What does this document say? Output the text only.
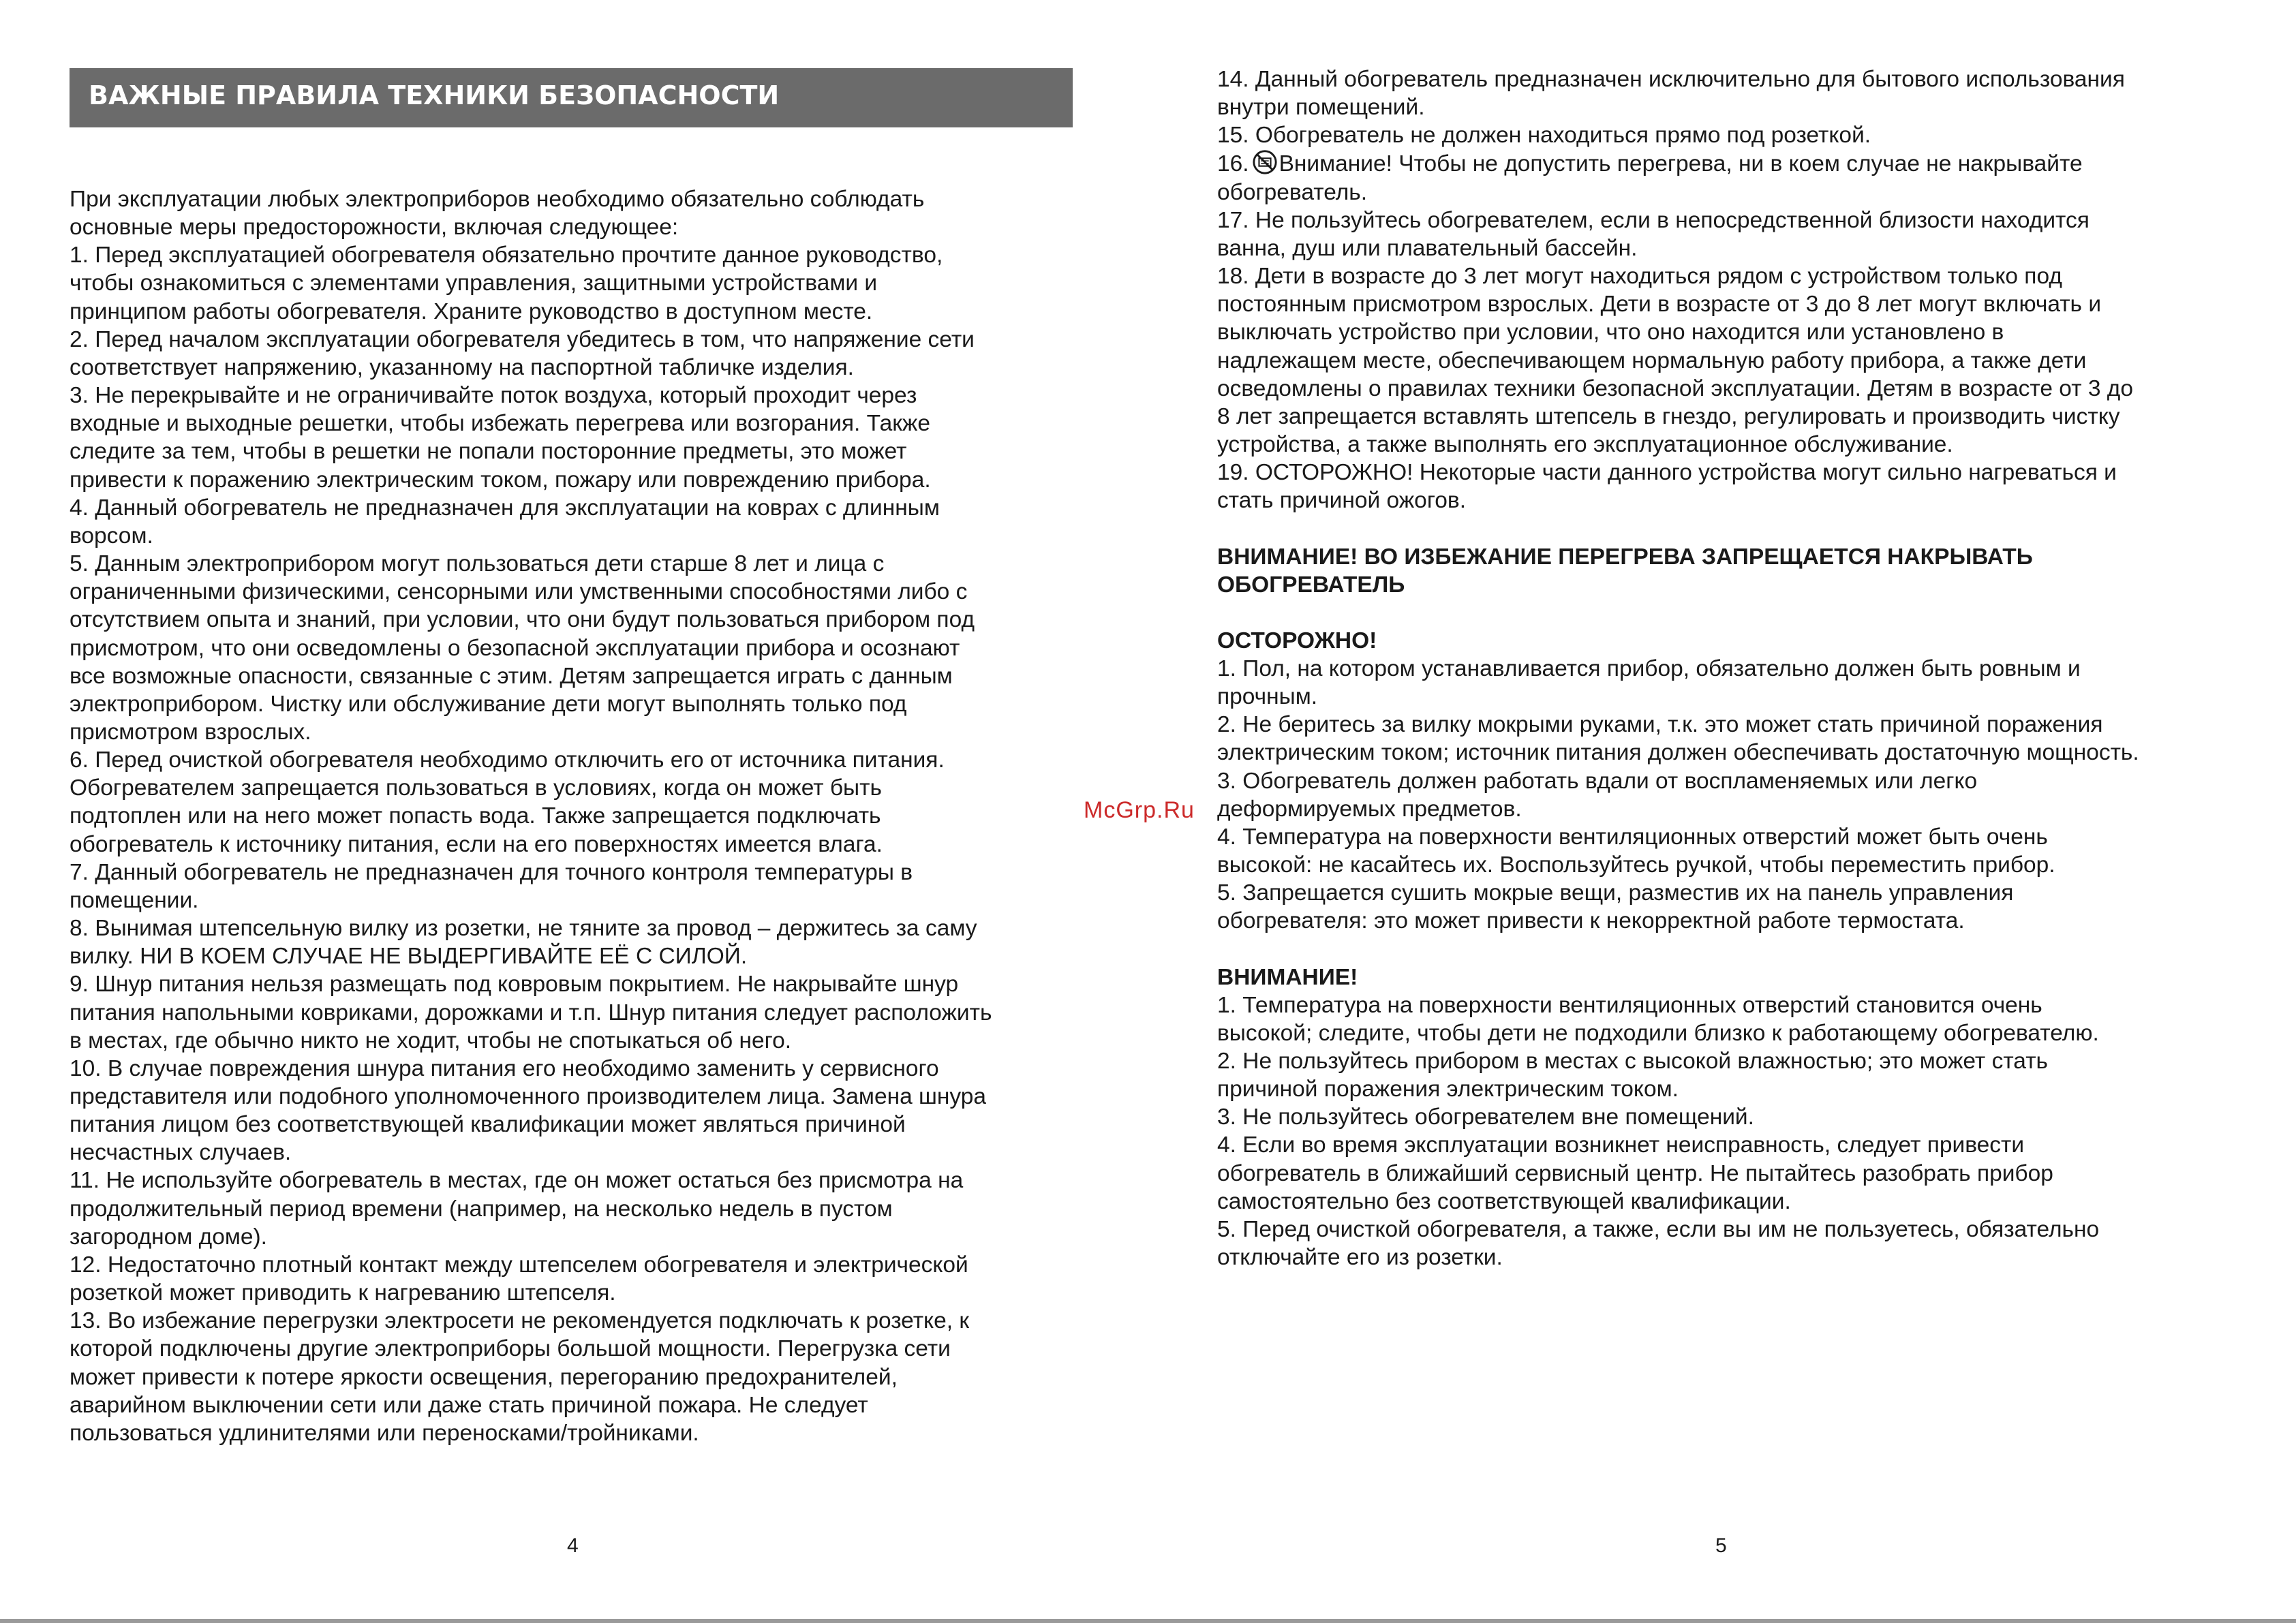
ВАЖНЫЕ ПРАВИЛА ТЕХНИКИ БЕЗОПАСНОСТИ
При эксплуатации любых электроприборов необходимо обязательно соблюдать
основные меры предосторожности, включая следующее:
1. Перед эксплуатацией обогревателя обязательно прочтите данное руководство,
чтобы ознакомиться с элементами управления, защитными устройствами и
принципом работы обогревателя. Храните руководство в доступном месте.
2. Перед началом эксплуатации обогревателя убедитесь в том, что напряжение сети
соответствует напряжению, указанному на паспортной табличке изделия.
3. Не перекрывайте и не ограничивайте поток воздуха, который проходит через
входные и выходные решетки, чтобы избежать перегрева или возгорания. Также
следите за тем, чтобы в решетки не попали посторонние предметы, это может
привести к поражению электрическим током, пожару или повреждению прибора.
4. Данный обогреватель не предназначен для эксплуатации на коврах с длинным
ворсом.
5. Данным электроприбором могут пользоваться дети старше 8 лет и лица с
ограниченными физическими, сенсорными или умственными способностями либо с
отсутствием опыта и знаний, при условии, что они будут пользоваться прибором под
присмотром, что они осведомлены о безопасной эксплуатации прибора и осознают
все возможные опасности, связанные с этим. Детям запрещается играть с данным
электроприбором. Чистку или обслуживание дети могут выполнять только под
присмотром взрослых.
6. Перед очисткой обогревателя необходимо отключить его от источника питания.
Обогревателем запрещается пользоваться в условиях, когда он может быть
подтоплен или на него может попасть вода. Также запрещается подключать
обогреватель к источнику питания, если на его поверхностях имеется влага.
7. Данный обогреватель не предназначен для точного контроля температуры в
помещении.
8. Вынимая штепсельную вилку из розетки, не тяните за провод – держитесь за саму
вилку. НИ В КОЕМ СЛУЧАЕ НЕ ВЫДЕРГИВАЙТЕ ЕЁ С СИЛОЙ.
9. Шнур питания нельзя размещать под ковровым покрытием. Не накрывайте шнур
питания напольными ковриками, дорожками и т.п. Шнур питания следует расположить
в местах, где обычно никто не ходит, чтобы не спотыкаться об него.
10. В случае повреждения шнура питания его необходимо заменить у сервисного
представителя или подобного уполномоченного производителем лица. Замена шнура
питания лицом без соответствующей квалификации может являться причиной
несчастных случаев.
11. Не используйте обогреватель в местах, где он может остаться без присмотра на
продолжительный период времени (например, на несколько недель в пустом
загородном доме).
12. Недостаточно плотный контакт между штепселем обогревателя и электрической
розеткой может приводить к нагреванию штепселя.
13. Во избежание перегрузки электросети не рекомендуется подключать к розетке, к
которой подключены другие электроприборы большой мощности. Перегрузка сети
может привести к потере яркости освещения, перегоранию предохранителей,
аварийном выключении сети или даже стать причиной пожара. Не следует
пользоваться удлинителями или переносками/тройниками.
4
14. Данный обогреватель предназначен исключительно для бытового использования
внутри помещений.
15. Обогреватель не должен находиться прямо под розеткой.
16. Внимание! Чтобы не допустить перегрева, ни в коем случае не накрывайте
обогреватель.
17. Не пользуйтесь обогревателем, если в непосредственной близости находится
ванна, душ или плавательный бассейн.
18. Дети в возрасте до 3 лет могут находиться рядом с устройством только под
постоянным присмотром взрослых. Дети в возрасте от 3 до 8 лет могут включать и
выключать устройство при условии, что оно находится или установлено в
надлежащем месте, обеспечивающем нормальную работу прибора, а также дети
осведомлены о правилах техники безопасной эксплуатации. Детям в возрасте от 3 до
8 лет запрещается вставлять штепсель в гнездо, регулировать и производить чистку
устройства, а также выполнять его эксплуатационное обслуживание.
19. ОСТОРОЖНО! Некоторые части данного устройства могут сильно нагреваться и
стать причиной ожогов.
ВНИМАНИЕ! ВО ИЗБЕЖАНИЕ ПЕРЕГРЕВА ЗАПРЕЩАЕТСЯ НАКРЫВАТЬ
ОБОГРЕВАТЕЛЬ
ОСТОРОЖНО!
1. Пол, на котором устанавливается прибор, обязательно должен быть ровным и
прочным.
2. Не беритесь за вилку мокрыми руками, т.к. это может стать причиной поражения
электрическим током; источник питания должен обеспечивать достаточную мощность.
3. Обогреватель должен работать вдали от воспламеняемых или легко
деформируемых предметов.
4. Температура на поверхности вентиляционных отверстий может быть очень
высокой: не касайтесь их. Воспользуйтесь ручкой, чтобы переместить прибор.
5. Запрещается сушить мокрые вещи, разместив их на панель управления
обогревателя: это может привести к некорректной работе термостата.
ВНИМАНИЕ!
1. Температура на поверхности вентиляционных отверстий становится очень
высокой; следите, чтобы дети не подходили близко к работающему обогревателю.
2. Не пользуйтесь прибором в местах с высокой влажностью; это может стать
причиной поражения электрическим током.
3. Не пользуйтесь обогревателем вне помещений.
4. Если во время эксплуатации возникнет неисправность, следует привести
обогреватель в ближайший сервисный центр. Не пытайтесь разобрать прибор
самостоятельно без соответствующей квалификации.
5. Перед очисткой обогревателя, а также, если вы им не пользуетесь, обязательно
отключайте его из розетки.
5
McGrp.Ru
